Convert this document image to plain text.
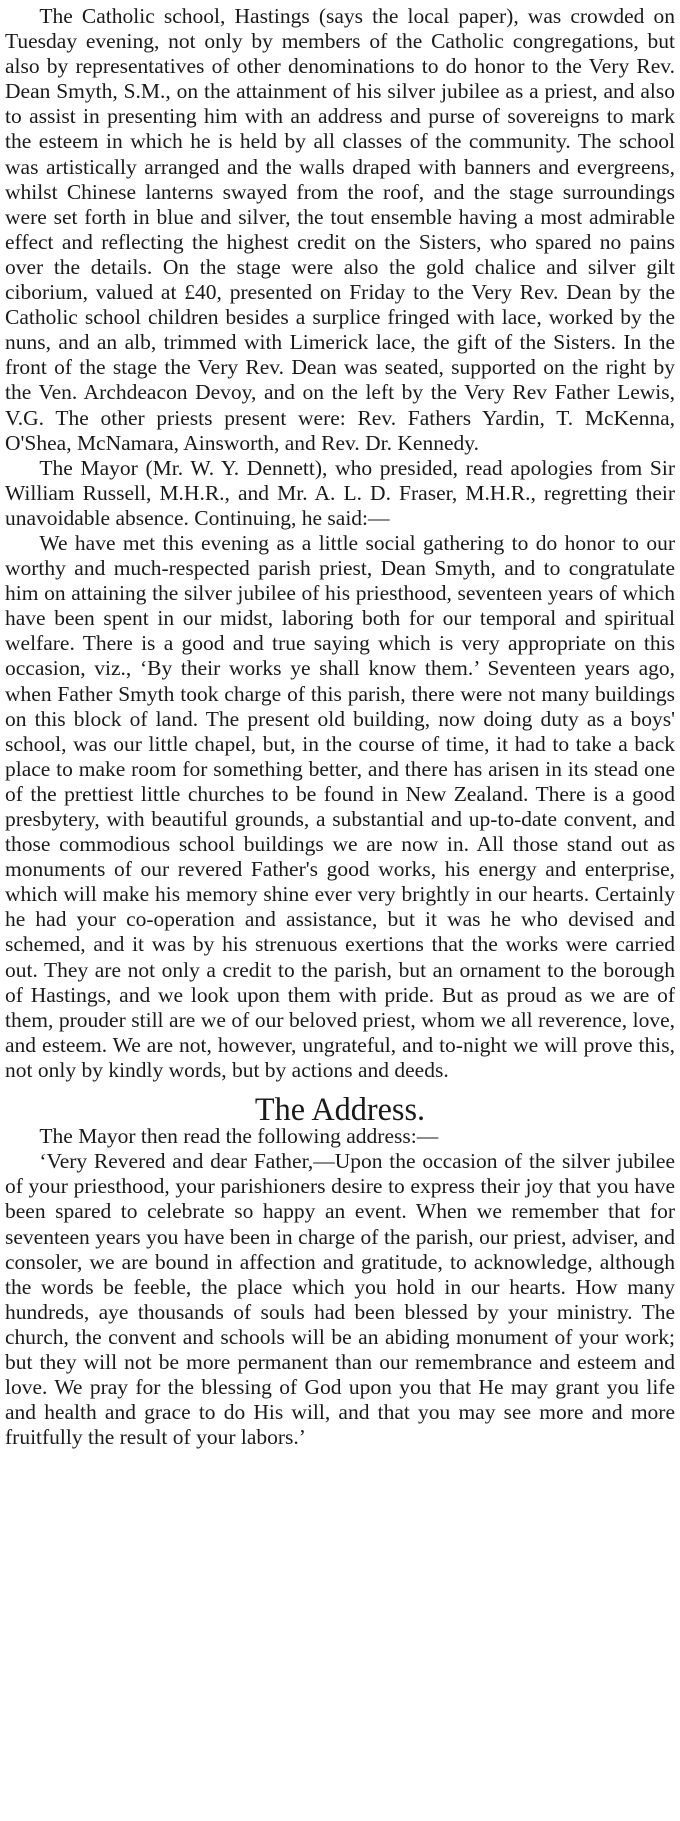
The Catholic school, Hastings (says the local paper), was crowded on Tuesday evening, not only by members of the Catholic congregations, but also by representatives of other denominations to do honor to the Very Rev. Dean Smyth, S.M., on the attainment of his silver jubilee as a priest, and also to assist in presenting him with an address and purse of sovereigns to mark the esteem in which he is held by all classes of the community. The school was artistically arranged and the walls draped with banners and evergreens, whilst Chinese lanterns swayed from the roof, and the stage surroundings were set forth in blue and silver, the tout ensemble having a most admirable effect and reflecting the highest credit on the Sisters, who spared no pains over the details. On the stage were also the gold chalice and silver gilt ciborium, valued at £40, presented on Friday to the Very Rev. Dean by the Catholic school children besides a surplice fringed with lace, worked by the nuns, and an alb, trimmed with Limerick lace, the gift of the Sisters. In the front of the stage the Very Rev. Dean was seated, supported on the right by the Ven. Archdeacon Devoy, and on the left by the Very Rev Father Lewis, V.G. The other priests present were: Rev. Fathers Yardin, T. McKenna, O'Shea, McNamara, Ainsworth, and Rev. Dr. Kennedy.

The Mayor (Mr. W. Y. Dennett), who presided, read apologies from Sir William Russell, M.H.R., and Mr. A. L. D. Fraser, M.H.R., regretting their unavoidable absence. Continuing, he said:—

We have met this evening as a little social gathering to do honor to our worthy and much-respected parish priest, Dean Smyth, and to congratulate him on attaining the silver jubilee of his priesthood, seventeen years of which have been spent in our midst, laboring both for our temporal and spiritual welfare. There is a good and true saying which is very appropriate on this occasion, viz., ‘By their works ye shall know them.’ Seventeen years ago, when Father Smyth took charge of this parish, there were not many buildings on this block of land. The present old building, now doing duty as a boys' school, was our little chapel, but, in the course of time, it had to take a back place to make room for something better, and there has arisen in its stead one of the prettiest little churches to be found in New Zealand. There is a good presbytery, with beautiful grounds, a substantial and up-to-date convent, and those commodious school buildings we are now in. All those stand out as monuments of our revered Father's good works, his energy and enterprise, which will make his memory shine ever very brightly in our hearts. Certainly he had your co-operation and assistance, but it was he who devised and schemed, and it was by his strenuous exertions that the works were carried out. They are not only a credit to the parish, but an ornament to the borough of Hastings, and we look upon them with pride. But as proud as we are of them, prouder still are we of our beloved priest, whom we all reverence, love, and esteem. We are not, however, ungrateful, and to-night we will prove this, not only by kindly words, but by actions and deeds.

The Address.

The Mayor then read the following address:—

‘Very Revered and dear Father,—Upon the occasion of the silver jubilee of your priesthood, your parishioners desire to express their joy that you have been spared to celebrate so happy an event. When we remember that for seventeen years you have been in charge of the parish, our priest, adviser, and consoler, we are bound in affection and gratitude, to acknowledge, although the words be feeble, the place which you hold in our hearts. How many hundreds, aye thousands of souls had been blessed by your ministry. The church, the convent and schools will be an abiding monument of your work; but they will not be more permanent than our remembrance and esteem and love. We pray for the blessing of God upon you that He may grant you life and health and grace to do His will, and that you may see more and more fruitfully the result of your labors.’
